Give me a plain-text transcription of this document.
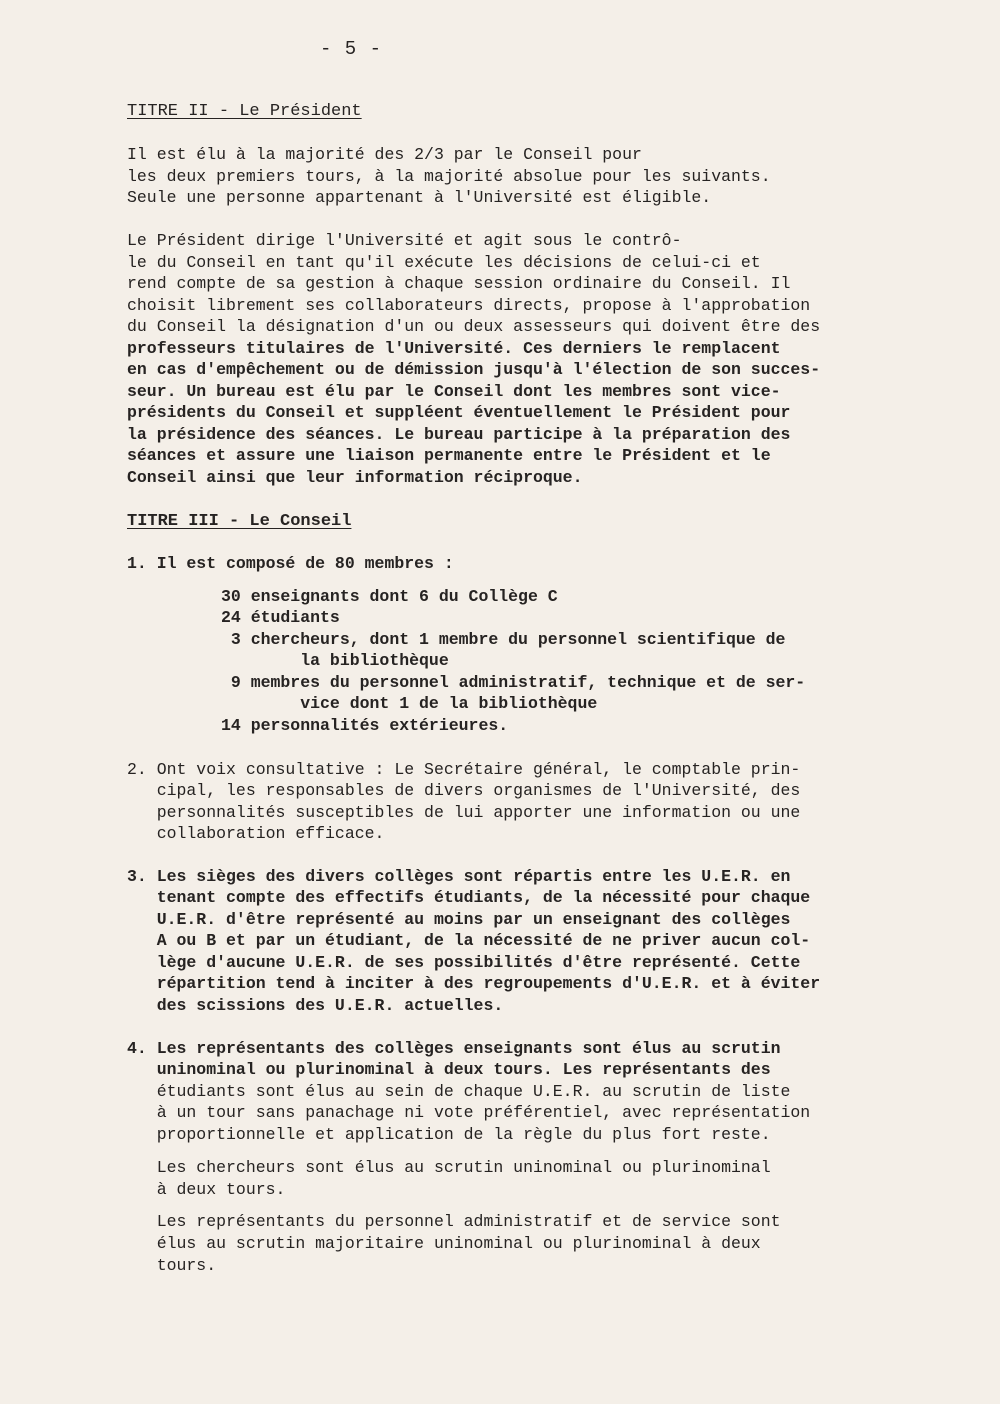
- 5 -
TITRE II - Le Président
Il est élu à la majorité des 2/3 par le Conseil pour
les deux premiers tours, à la majorité absolue pour les suivants.
Seule une personne appartenant à l'Université est éligible.
Le Président dirige l'Université et agit sous le contrô-
le du Conseil en tant qu'il exécute les décisions de celui-ci et
rend compte de sa gestion à chaque session ordinaire du Conseil. Il
choisit librement ses collaborateurs directs, propose à l'approbation
du Conseil la désignation d'un ou deux assesseurs qui doivent être des
professeurs titulaires de l'Université. Ces derniers le remplacent
en cas d'empêchement ou de démission jusqu'à l'élection de son succes-
seur. Un bureau est élu par le Conseil dont les membres sont vice-
présidents du Conseil et suppléent éventuellement le Président pour
la présidence des séances. Le bureau participe à la préparation des
séances et assure une liaison permanente entre le Président et le
Conseil ainsi que leur information réciproque.
TITRE III - Le Conseil
1. Il est composé de 80 membres :
30 enseignants dont 6 du Collège C
24 étudiants
3 chercheurs, dont 1 membre du personnel scientifique de
la bibliothèque
9 membres du personnel administratif, technique et de ser-
vice dont 1 de la bibliothèque
14 personnalités extérieures.
2. Ont voix consultative : Le Secrétaire général, le comptable prin-
cipal, les responsables de divers organismes de l'Université, des
personnalités susceptibles de lui apporter une information ou une
collaboration efficace.
3. Les sièges des divers collèges sont répartis entre les U.E.R. en
tenant compte des effectifs étudiants, de la nécessité pour chaque
U.E.R. d'être représenté au moins par un enseignant des collèges
A ou B et par un étudiant, de la nécessité de ne priver aucun col-
lège d'aucune U.E.R. de ses possibilités d'être représenté. Cette
répartition tend à inciter à des regroupements d'U.E.R. et à éviter
des scissions des U.E.R. actuelles.
4. Les représentants des collèges enseignants sont élus au scrutin
uninominal ou plurinominal à deux tours. Les représentants des
étudiants sont élus au sein de chaque U.E.R. au scrutin de liste
à un tour sans panachage ni vote préférentiel, avec représentation
proportionnelle et application de la règle du plus fort reste.
Les chercheurs sont élus au scrutin uninominal ou plurinominal
à deux tours.
Les représentants du personnel administratif et de service sont
élus au scrutin majoritaire uninominal ou plurinominal à deux
tours.
